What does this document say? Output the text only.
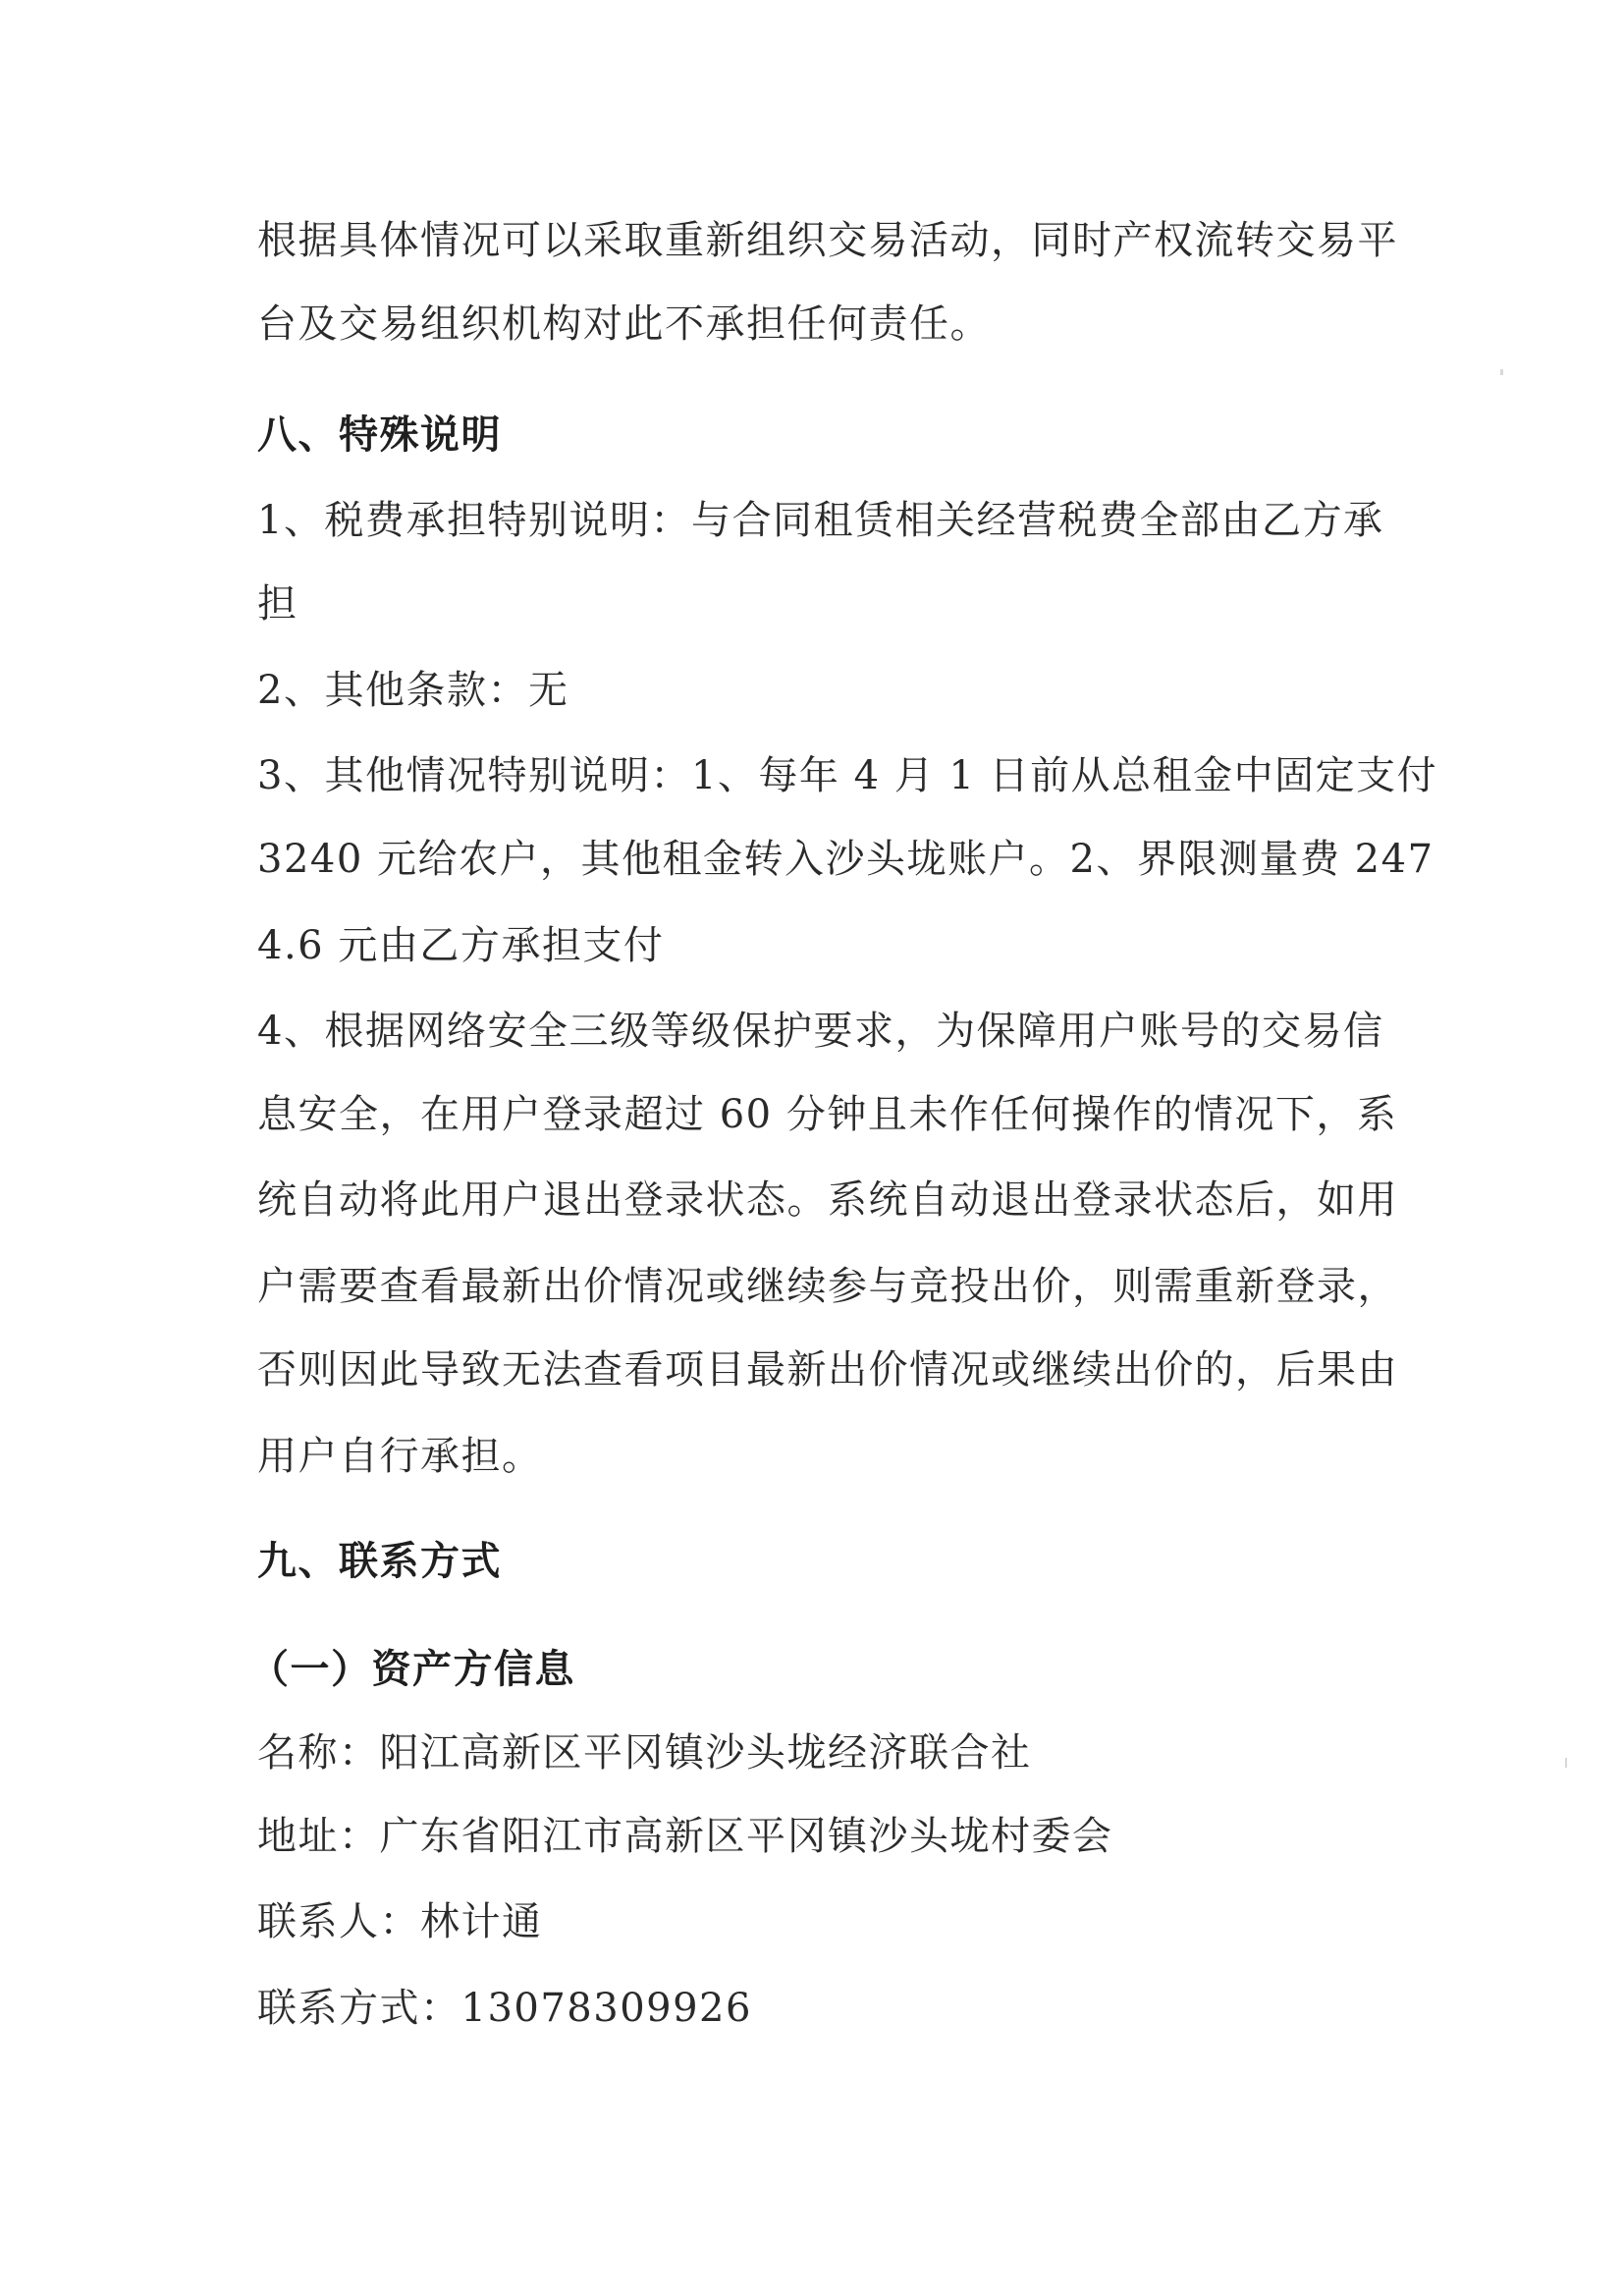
根据具体情况可以采取重新组织交易活动，同时产权流转交易平
台及交易组织机构对此不承担任何责任。
八、特殊说明
1、税费承担特别说明：与合同租赁相关经营税费全部由乙方承
担
2、其他条款：无
3、其他情况特别说明：1、每年 4 月 1 日前从总租金中固定支付
3240 元给农户，其他租金转入沙头垅账户。2、界限测量费 247
4.6 元由乙方承担支付
4、根据网络安全三级等级保护要求，为保障用户账号的交易信
息安全，在用户登录超过 60 分钟且未作任何操作的情况下，系
统自动将此用户退出登录状态。系统自动退出登录状态后，如用
户需要查看最新出价情况或继续参与竞投出价，则需重新登录，
否则因此导致无法查看项目最新出价情况或继续出价的，后果由
用户自行承担。
九、联系方式
（一）资产方信息
名称：阳江高新区平冈镇沙头垅经济联合社
地址：广东省阳江市高新区平冈镇沙头垅村委会
联系人：林计通
联系方式：13078309926
